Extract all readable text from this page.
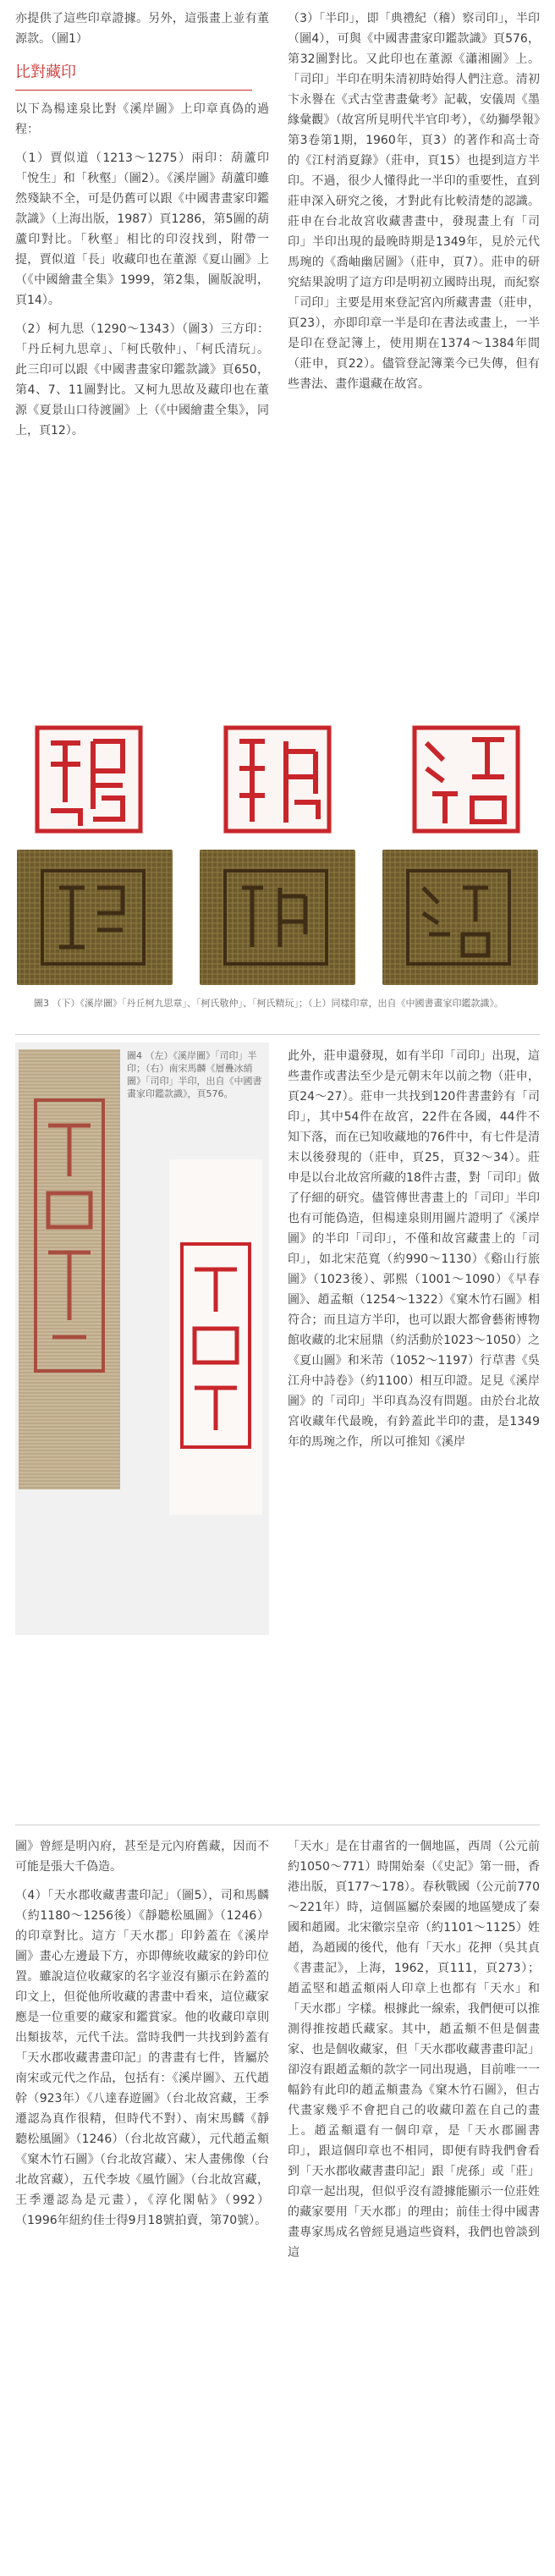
亦提供了這些印章證據。另外，這張畫上並有董源款。（圖1）

比對藏印

以下為楊達泉比對《溪岸圖》上印章真偽的過程：

（1）賈似道（1213～1275）兩印：葫蘆印「悅生」和「秋壑」（圖2）。《溪岸圖》葫蘆印雖然殘缺不全，可是仍舊可以跟《中國書畫家印鑑款識》（上海出版，1987）頁1286，第5圖的葫蘆印對比。「秋壑」相比的印沒找到，附帶一提，賈似道「長」收藏印也在董源《夏山圖》上（《中國繪畫全集》1999，第2集，圖版說明，頁14）。

（2）柯九思（1290～1343）（圖3）三方印：「丹丘柯九思章」、「柯氏敬仲」、「柯氏清玩」。此三印可以跟《中國書畫家印鑑款識》頁650，第4、7、11圖對比。又柯九思故及藏印也在董源《夏景山口待渡圖》上（《中國繪畫全集》，同上，頁12）。

（3）「半印」，即「典禮紀（稽）察司印」，半印（圖4），可與《中國書畫家印鑑款識》頁576，第32圖對比。又此印也在董源《瀟湘圖》上。「司印」半印在明朱清初時始得人們注意。清初卞永譽在《式古堂書畫彙考》記載，安儀周《墨緣彙觀》（故宮所見明代半官印考），《幼獅學報》第3卷第1期，1960年，頁3）的著作和高士奇的《江村消夏錄》（莊申，頁15）也提到這方半印。不過，很少人懂得此一半印的重要性，直到莊申深入研究之後，才對此有比較清楚的認識。莊申在台北故宮收藏書畫中，發現畫上有「司印」半印出現的最晚時期是1349年，見於元代馬琬的《喬岫幽居圖》（莊申，頁7）。莊申的研究結果說明了這方印是明初立國時出現，而紀察「司印」主要是用來登記宮內所藏書畫（莊申，頁23），亦即印章一半是印在書法或畫上，一半是印在登記簿上，使用期在1374～1384年間（莊申，頁22）。儘管登記簿業今已失傳，但有些書法、畫作還藏在故宮。

圖3 （下）《溪岸圖》「丹丘柯九思章」、「柯氏敬仲」、「柯氏精玩」；（上）同樣印章，出自《中國書畫家印鑑款識》。
圖4 （左）《溪岸圖》「司印」半印；（右）南宋馬麟《層疊冰綃圖》「司印」半印，出自《中國書畫家印鑑款識》，頁576。

此外，莊申還發現，如有半印「司印」出現，這些畫作或書法至少是元朝末年以前之物（莊申，頁24～27）。莊申一共找到120件書畫鈐有「司印」，其中54件在故宮，22件在各國，44件不知下落，而在已知收藏地的76件中，有七件是清末以後發現的（莊申，頁25，頁32～34）。莊申是以台北故宮所藏的18件古畫，對「司印」做了仔細的研究。儘管傳世書畫上的「司印」半印也有可能偽造，但楊達泉則用圖片證明了《溪岸圖》的半印「司印」，不僅和故宮藏畫上的「司印」，如北宋范寬（約990～1130）《谿山行旅圖》（1023後）、郭熙（1001～1090）《早春圖》、趙孟頫（1254～1322）《窠木竹石圖》相符合；而且這方半印，也可以跟大都會藝術博物館收藏的北宋屈鼎（約活動於1023～1050）之《夏山圖》和米芾（1052～1197）行草書《吳江舟中詩卷》（約1100）相互印證。足見《溪岸圖》的「司印」半印真為沒有問題。由於台北故宮收藏年代最晚，有鈐蓋此半印的畫，是1349年的馬琬之作，所以可推知《溪岸

圖》曾經是明內府，甚至是元內府舊藏，因而不可能是張大千偽造。

（4）「天水郡收藏書畫印記」（圖5），司和馬麟（約1180～1256後）《靜聽松風圖》（1246）的印章對比。這方「天水郡」印鈐蓋在《溪岸圖》畫心左邊最下方，亦即傳統收藏家的鈐印位置。雖說這位收藏家的名字並沒有顯示在鈐蓋的印文上，但從他所收藏的書畫中看來，這位藏家應是一位重要的藏家和鑑賞家。他的收藏印章則出類拔萃，元代千法。當時我們一共找到鈐蓋有「天水郡收藏書畫印記」的書畫有七件，皆屬於南宋或元代之作品，包括有：《溪岸圖》、五代趙幹（923年）《八達春遊圖》（台北故宮藏，王季遷認為真作很精，但時代不對）、南宋馬麟《靜聽松風圖》（1246）（台北故宮藏），元代趙孟頫《窠木竹石圖》（台北故宮藏）、宋人畫佛像（台北故宮藏），五代李坡《風竹圖》（台北故宮藏，王季遷認為是元畫），《淳化閣帖》（992）（1996年紐約佳士得9月18號拍賣，第70號）。

「天水」是在甘肅省的一個地區，西周（公元前約1050～771）時開始秦（《史記》第一冊，香港出版，頁177～178）。春秋戰國（公元前770～221年）時，這個區屬於秦國的地區變成了秦國和趙國。北宋徽宗皇帝（約1101～1125）姓趙，為趙國的後代，他有「天水」花押（吳其貞《書畫記》，上海，1962，頁111，頁273）；趙孟堅和趙孟頫兩人印章上也都有「天水」和「天水郡」字樣。根據此一線索，我們便可以推測得推按趙氏藏家。其中，趙孟頫不但是個畫家、也是個收藏家，但「天水郡收藏書畫印記」卻沒有跟趙孟頫的款字一同出現過，目前唯一一幅鈐有此印的趙孟頫畫為《窠木竹石圖》，但古代畫家幾乎不會把自己的收藏印蓋在自己的畫上。趙孟頫還有一個印章，是「天水郡圖書印」，跟這個印章也不相同，即便有時我們會看到「天水郡收藏書畫印記」跟「虎孫」或「莊」印章一起出現，但似乎沒有證據能顯示一位莊姓的藏家要用「天水郡」的理由；前佳士得中國書畫專家馬成名曾經見過這些資料，我們也曾談到這
